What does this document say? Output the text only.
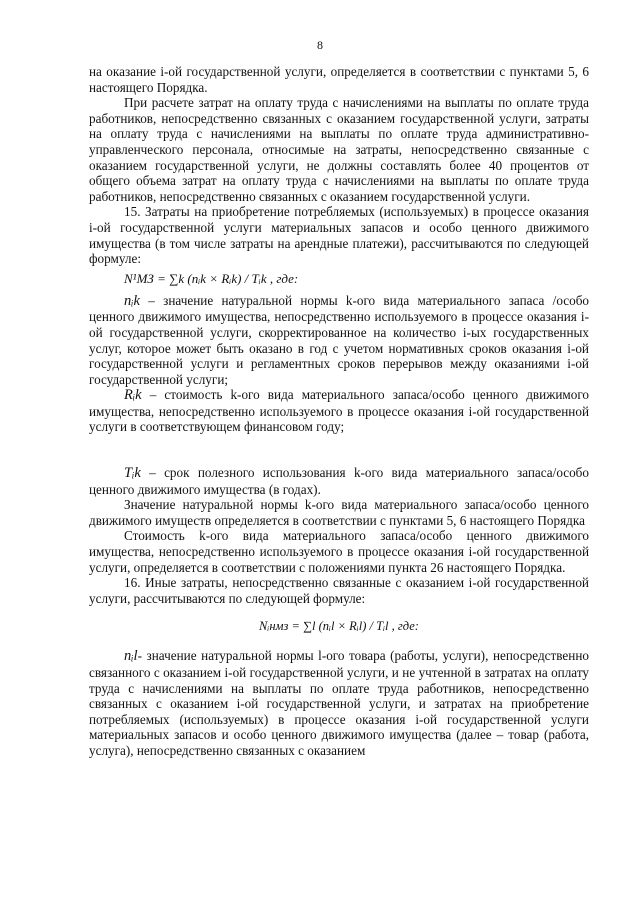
8

на оказание i-ой государственной услуги, определяется в соответствии с пунктами 5, 6 настоящего Порядка.

При расчете затрат на оплату труда с начислениями на выплаты по оплате труда работников, непосредственно связанных с оказанием государственной услуги, затраты на оплату труда с начислениями на выплаты по оплате труда административно-управленческого персонала, относимые на затраты, непосредственно связанные с оказанием государственной услуги, не должны составлять более 40 процентов от общего объема затрат на оплату труда с начислениями на выплаты по оплате труда работников, непосредственно связанных с оказанием государственной услуги.

15. Затраты на приобретение потребляемых (используемых) в процессе оказания i-ой государственной услуги материальных запасов и особо ценного движимого имущества (в том числе затраты на арендные платежи), рассчитываются по следующей формуле:

N¹МЗ = ∑k (nᵢk × Rᵢk) / Tᵢk , где:

nᵢk – значение натуральной нормы k-ого вида материального запаса /особо ценного движимого имущества, непосредственно используемого в процессе оказания i-ой государственной услуги, скорректированное на количество i-ых государственных услуг, которое может быть оказано в год с учетом нормативных сроков оказания i-ой государственной услуги и регламентных сроков перерывов между оказаниями i-ой государственной услуги;

Rᵢk – стоимость k-ого вида материального запаса/особо ценного движимого имущества, непосредственно используемого в процессе оказания i-ой государственной услуги в соответствующем финансовом году;

Tᵢk – срок полезного использования k-ого вида материального запаса/особо ценного движимого имущества (в годах).

Значение натуральной нормы k-ого вида материального запаса/особо ценного движимого имуществ определяется в соответствии с пунктами 5, 6 настоящего Порядка

Стоимость k-ого вида материального запаса/особо ценного движимого имущества, непосредственно используемого в процессе оказания i-ой государственной услуги, определяется в соответствии с положениями пункта 26 настоящего Порядка.

16. Иные затраты, непосредственно связанные с оказанием i-ой государственной услуги, рассчитываются по следующей формуле:

Nᵢнмз = ∑l (nᵢl × Rᵢl) / Tᵢl , где:

nᵢl- значение натуральной нормы l-ого товара (работы, услуги), непосредственно связанного с оказанием i-ой государственной услуги, и не учтенной в затратах на оплату труда с начислениями на выплаты по оплате труда работников, непосредственно связанных с оказанием i-ой государственной услуги, и затратах на приобретение потребляемых (используемых) в процессе оказания i-ой государственной услуги материальных запасов и особо ценного движимого имущества (далее – товар (работа, услуга), непосредственно связанных с оказанием
